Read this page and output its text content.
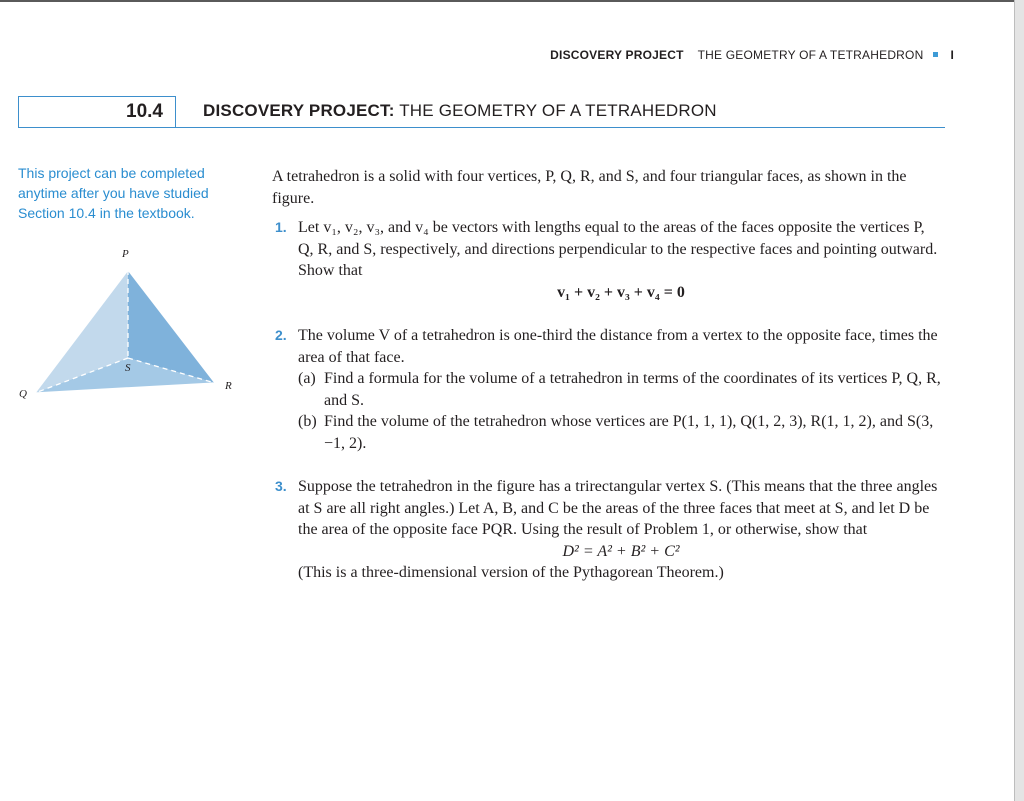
DISCOVERY PROJECT THE GEOMETRY OF A TETRAHEDRON I
10.4	DISCOVERY PROJECT: THE GEOMETRY OF A TETRAHEDRON
This project can be completed anytime after you have studied Section 10.4 in the textbook.
P
Q
R
S

A tetrahedron is a solid with four vertices, P, Q, R, and S, and four triangular faces, as shown in the figure.

1. Let v₁, v₂, v₃, and v₄ be vectors with lengths equal to the areas of the faces opposite the vertices P, Q, R, and S, respectively, and directions perpendicular to the respective faces and pointing outward. Show that

v₁ + v₂ + v₃ + v₄ = 0

2. The volume V of a tetrahedron is one-third the distance from a vertex to the opposite face, times the area of that face.

(a) Find a formula for the volume of a tetrahedron in terms of the coordinates of its vertices P, Q, R, and S.

(b) Find the volume of the tetrahedron whose vertices are P(1, 1, 1), Q(1, 2, 3), R(1, 1, 2), and S(3, −1, 2).

3. Suppose the tetrahedron in the figure has a trirectangular vertex S. (This means that the three angles at S are all right angles.) Let A, B, and C be the areas of the three faces that meet at S, and let D be the area of the opposite face PQR. Using the result of Problem 1, or otherwise, show that

D² = A² + B² + C²

(This is a three-dimensional version of the Pythagorean Theorem.)
